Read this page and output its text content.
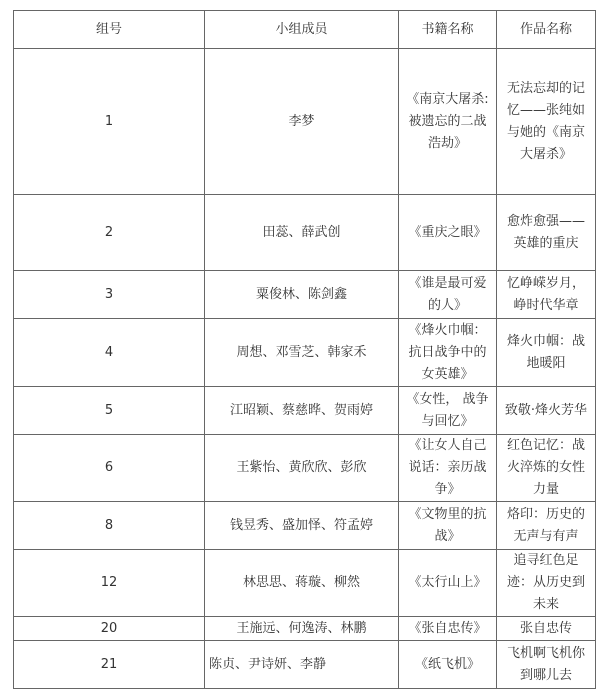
组号	小组成员	书籍名称	作品名称
1	李梦	《南京大屠杀:被遗忘的二战浩劫》	无法忘却的记忆——张纯如与她的《南京大屠杀》
2	田蕊、薛武创	《重庆之眼》	愈炸愈强——英雄的重庆
3	粟俊林、陈剑鑫	《谁是最可爱的人》	忆峥嵘岁月，峥时代华章
4	周想、邓雪芝、韩家禾	《烽火巾帼：抗日战争中的女英雄》	烽火巾帼：战地暖阳
5	江昭颖、蔡慈晔、贺雨婷	《女性， 战争与回忆》	致敬·烽火芳华
6	王紫怡、黄欣欣、彭欣	《让女人自己说话：亲历战争》	红色记忆：战火淬炼的女性力量
8	钱昱秀、盛加怿、符孟婷	《文物里的抗战》	烙印：历史的无声与有声
12	林思思、蒋璇、柳然	《太行山上》	追寻红色足迹：从历史到未来
20	王施远、何逸涛、林鹏	《张自忠传》	张自忠传
21	陈贞、尹诗妍、李静	《纸飞机》	飞机啊飞机你到哪儿去
